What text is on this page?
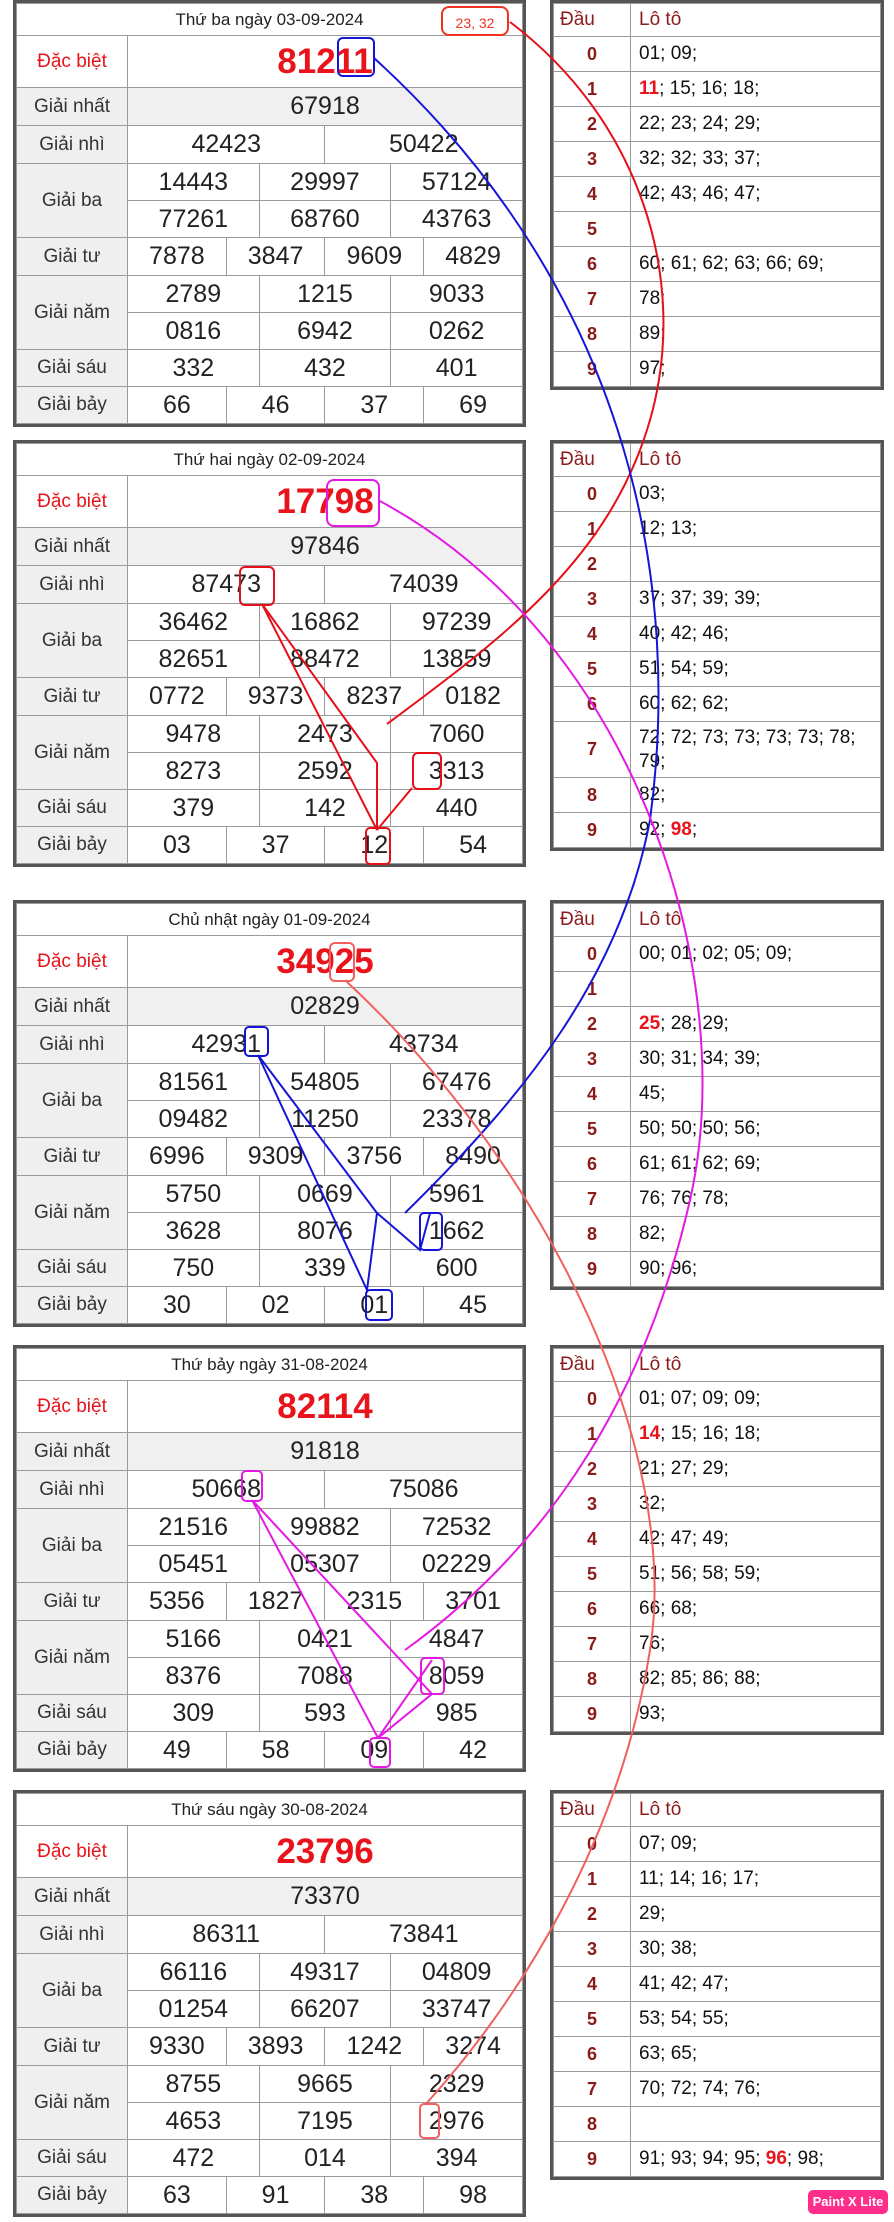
Thứ ba ngày 03-09-2024						
Đặc biệt	81211					
Giải nhất	67918					
Giải nhì	42423			50422		
Giải ba	14443		29997		57124	
	77261		68760		43763	
Giải tư	7878	3847		9609		4829
Giải năm	2789		1215		9033	
	0816		6942		0262	
Giải sáu	332		432		401	
Giải bảy	66	46		37		69
Đầu	Lô tô
0	01; 09;
1	11; 15; 16; 18;
2	22; 23; 24; 29;
3	32; 32; 33; 37;
4	42; 43; 46; 47;
5	
6	60; 61; 62; 63; 66; 69;
7	78;
8	89;
9	97;
Thứ hai ngày 02-09-2024						
Đặc biệt	17798					
Giải nhất	97846					
Giải nhì	87473			74039		
Giải ba	36462		16862		97239	
	82651		88472		13859	
Giải tư	0772	9373		8237		0182
Giải năm	9478		2473		7060	
	8273		2592		3313	
Giải sáu	379		142		440	
Giải bảy	03	37		12		54
Đầu	Lô tô
0	03;
1	12; 13;
2	
3	37; 37; 39; 39;
4	40; 42; 46;
5	51; 54; 59;
6	60; 62; 62;
7	72; 72; 73; 73; 73; 73; 78; 79;
8	82;
9	92; 98;
Chủ nhật ngày 01-09-2024						
Đặc biệt	34925					
Giải nhất	02829					
Giải nhì	42931			43734		
Giải ba	81561		54805		67476	
	09482		11250		23378	
Giải tư	6996	9309		3756		8490
Giải năm	5750		0669		5961	
	3628		8076		1662	
Giải sáu	750		339		600	
Giải bảy	30	02		01		45
Đầu	Lô tô
0	00; 01; 02; 05; 09;
1	
2	25; 28; 29;
3	30; 31; 34; 39;
4	45;
5	50; 50; 50; 56;
6	61; 61; 62; 69;
7	76; 76; 78;
8	82;
9	90; 96;
Thứ bảy ngày 31-08-2024						
Đặc biệt	82114					
Giải nhất	91818					
Giải nhì	50668			75086		
Giải ba	21516		99882		72532	
	05451		05307		02229	
Giải tư	5356	1827		2315		3701
Giải năm	5166		0421		4847	
	8376		7088		8059	
Giải sáu	309		593		985	
Giải bảy	49	58		09		42
Đầu	Lô tô
0	01; 07; 09; 09;
1	14; 15; 16; 18;
2	21; 27; 29;
3	32;
4	42; 47; 49;
5	51; 56; 58; 59;
6	66; 68;
7	76;
8	82; 85; 86; 88;
9	93;
Thứ sáu ngày 30-08-2024						
Đặc biệt	23796					
Giải nhất	73370					
Giải nhì	86311			73841		
Giải ba	66116		49317		04809	
	01254		66207		33747	
Giải tư	9330	3893		1242		3274
Giải năm	8755		9665		2329	
	4653		7195		2976	
Giải sáu	472		014		394	
Giải bảy	63	91		38		98
Đầu	Lô tô
0	07; 09;
1	11; 14; 16; 17;
2	29;
3	30; 38;
4	41; 42; 47;
5	53; 54; 55;
6	63; 65;
7	70; 72; 74; 76;
8	
9	91; 93; 94; 95; 96; 98;
23, 32
Paint X Lite
